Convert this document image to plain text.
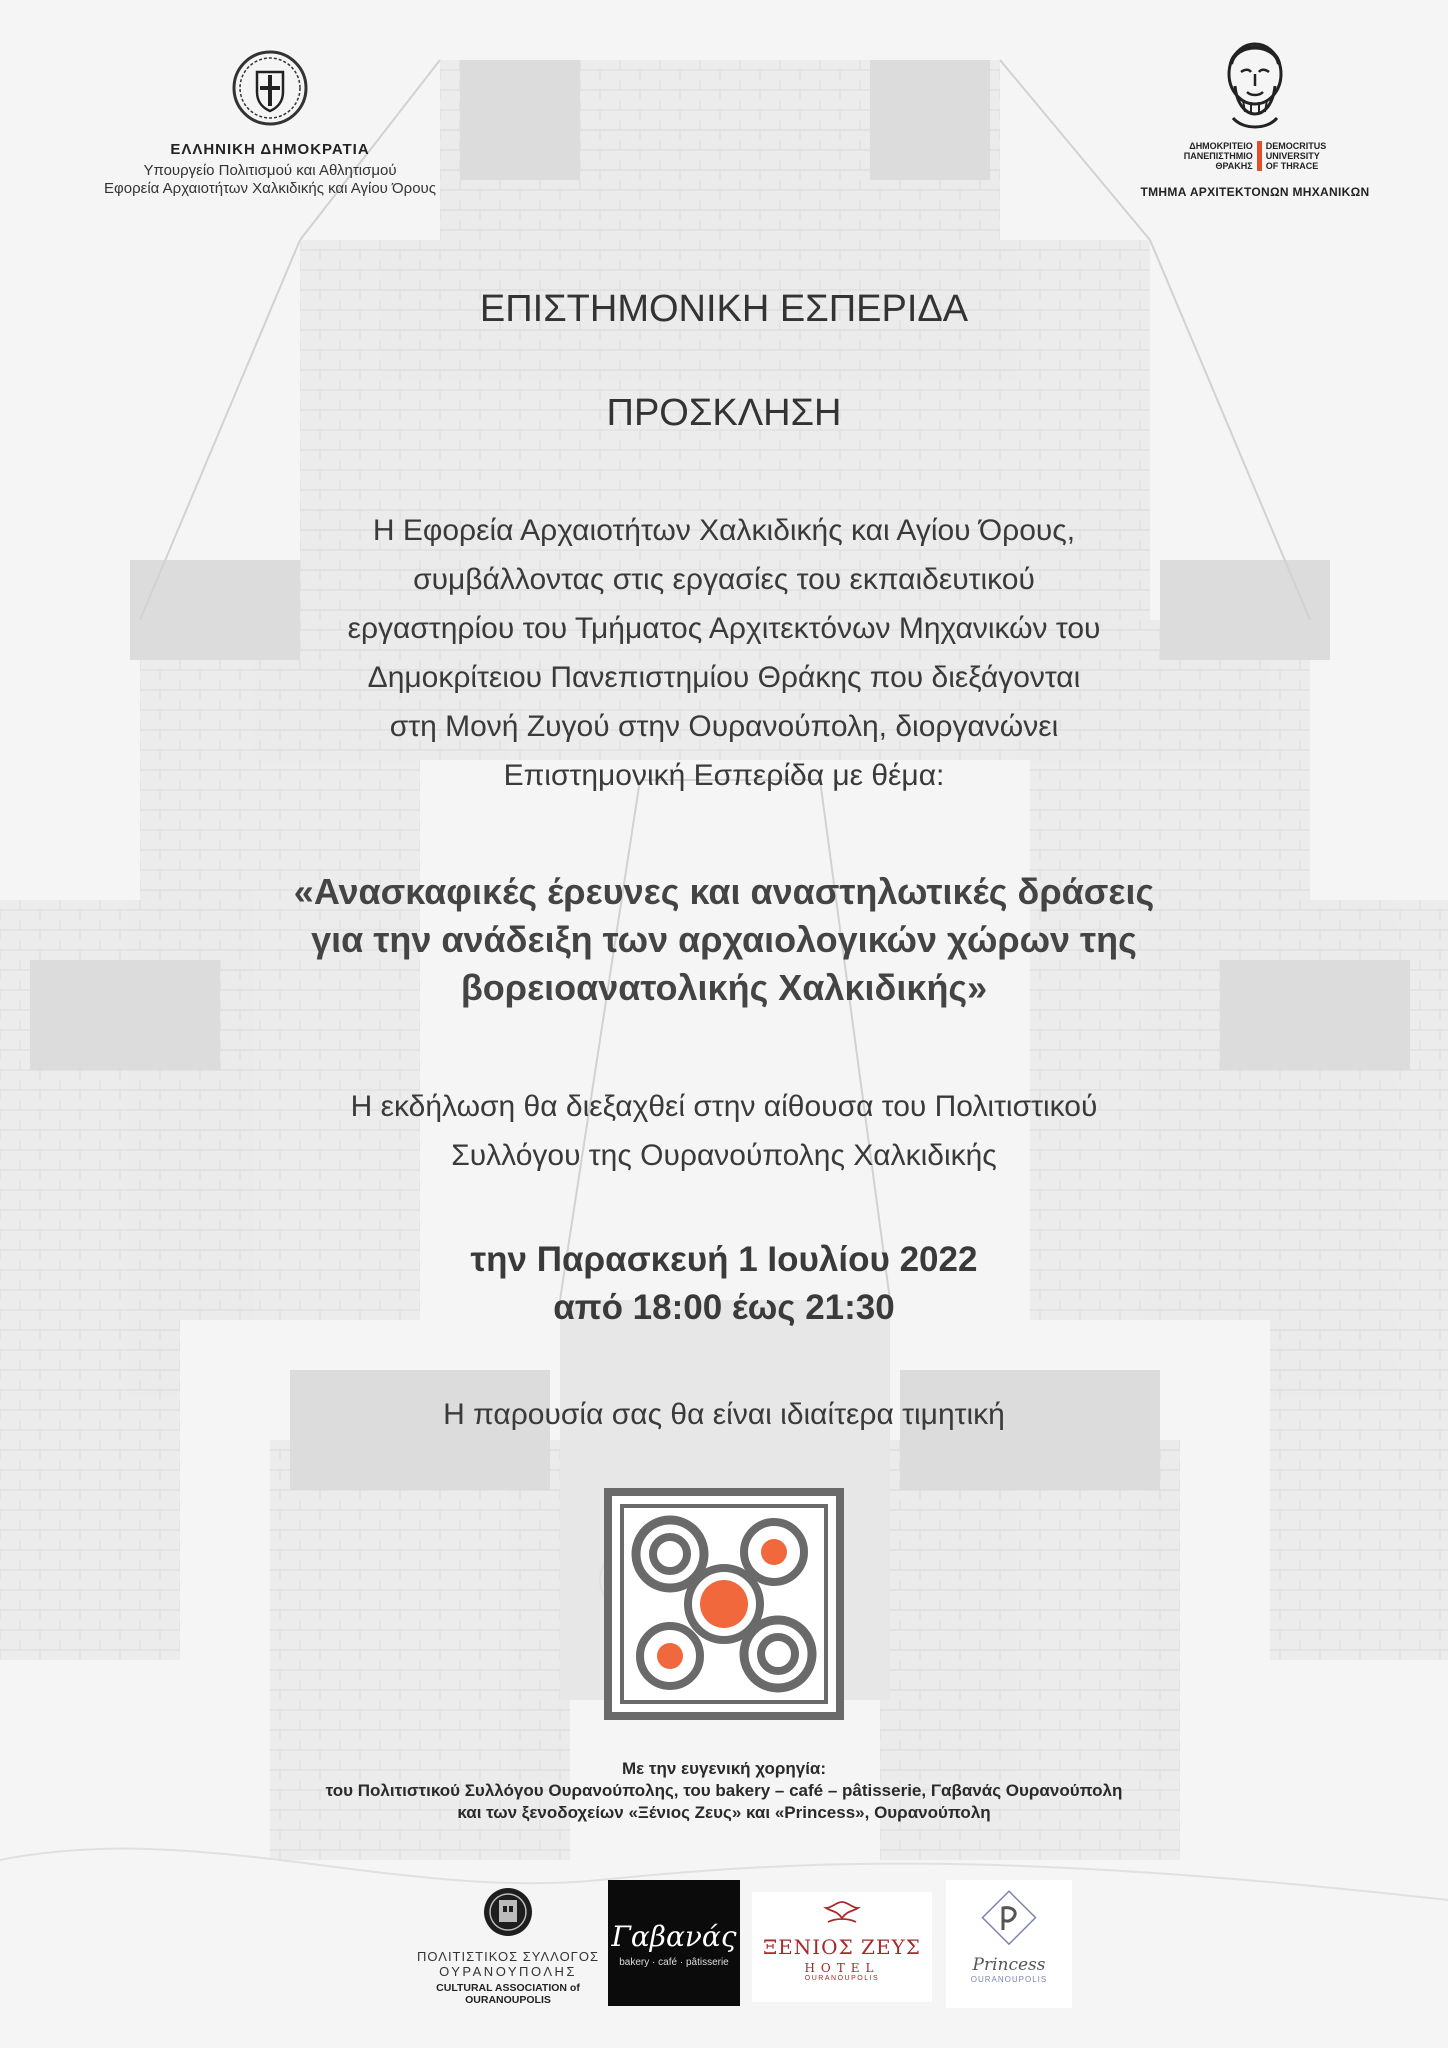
ΕΛΛΗΝΙΚΗ ΔΗΜΟΚΡΑΤΙΑ
Υπουργείο Πολιτισμού και Αθλητισμού
Εφορεία Αρχαιοτήτων Χαλκιδικής και Αγίου Όρους
ΔΗΜΟΚΡΙΤΕΙΟ
ΠΑΝΕΠΙΣΤΗΜΙΟ
ΘΡΑΚΗΣ
DEMOCRITUS
UNIVERSITY
OF THRACE
ΤΜΗΜΑ ΑΡΧΙΤΕΚΤΟΝΩΝ ΜΗΧΑΝΙΚΩΝ
ΕΠΙΣΤΗΜΟΝΙΚΗ ΕΣΠΕΡΙΔΑ
ΠΡΟΣΚΛΗΣΗ
Η Εφορεία Αρχαιοτήτων Χαλκιδικής και Αγίου Όρους,
συμβάλλοντας στις εργασίες του εκπαιδευτικού
εργαστηρίου του Τμήματος Αρχιτεκτόνων Μηχανικών του
Δημοκρίτειου Πανεπιστημίου Θράκης που διεξάγονται
στη Μονή Ζυγού στην Ουρανούπολη, διοργανώνει
Επιστημονική Εσπερίδα με θέμα:
«Ανασκαφικές έρευνες και αναστηλωτικές δράσεις
για την ανάδειξη των αρχαιολογικών χώρων της
βορειοανατολικής Χαλκιδικής»
Η εκδήλωση θα διεξαχθεί στην αίθουσα του Πολιτιστικού
Συλλόγου της Ουρανούπολης Χαλκιδικής
την Παρασκευή 1 Ιουλίου 2022
από 18:00 έως 21:30
Η παρουσία σας θα είναι ιδιαίτερα τιμητική
Με την ευγενική χορηγία:
του Πολιτιστικού Συλλόγου Ουρανούπολης, του bakery – café – pâtisserie, Γαβανάς Ουρανούπολη
και των ξενοδοχείων «Ξένιος Ζευς» και «Princess», Ουρανούπολη
ΠΟΛΙΤΙΣΤΙΚΟΣ ΣΥΛΛΟΓΟΣ
ΟΥΡΑΝΟΥΠΟΛΗΣ
CULTURAL ASSOCIATION of OURANOUPOLIS
Γαβανάς
bakery · café · pâtisserie
ΞΕΝΙΟΣ ΖΕΥΣ
HOTEL
OURANOUPOLIS
Princess
OURANOUPOLIS
